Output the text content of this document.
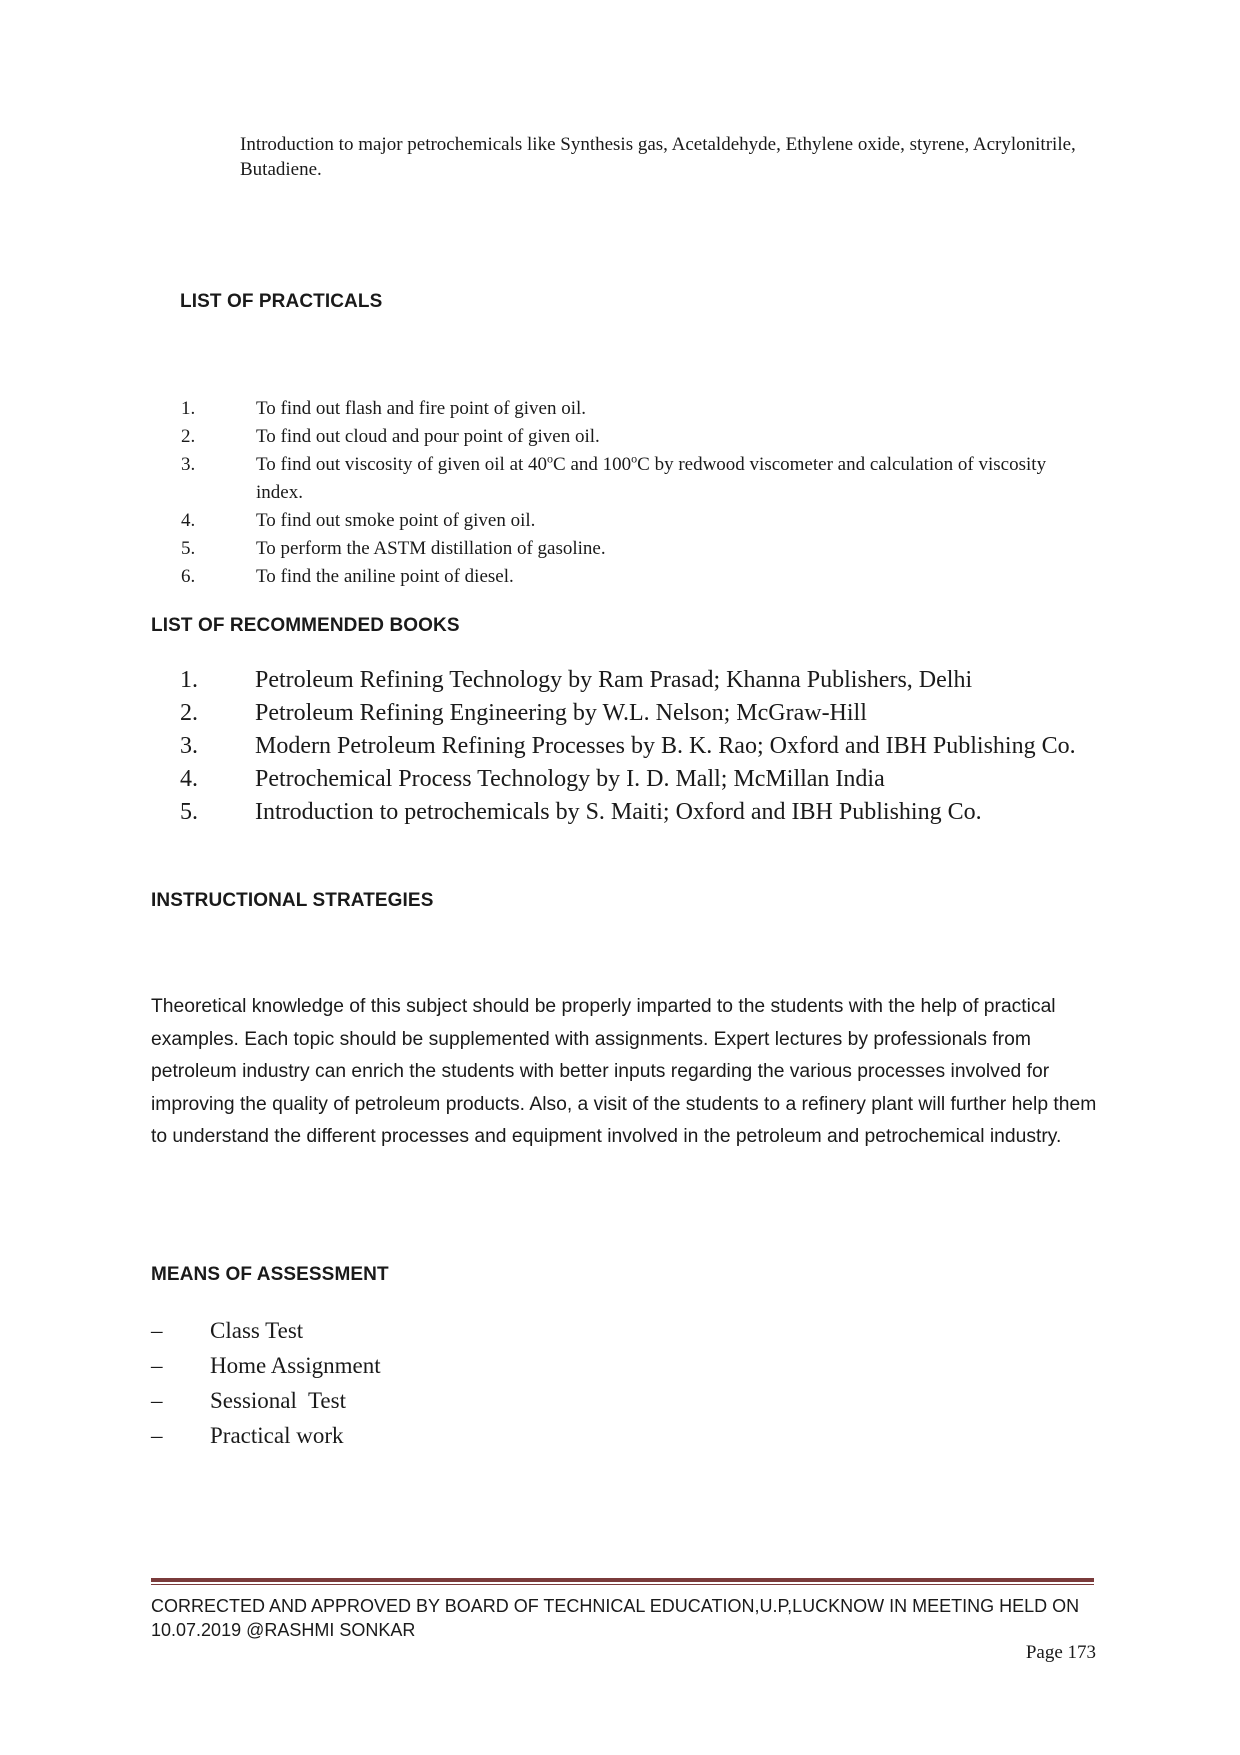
Introduction to major petrochemicals like Synthesis gas, Acetaldehyde, Ethylene oxide, styrene, Acrylonitrile, Butadiene.
LIST OF PRACTICALS
1.	To find out flash and fire point of given oil.
2.	To find out cloud and pour point of given oil.
3.	To find out viscosity of given oil at 40$^o$C and 100$^o$C by redwood viscometer and calculation of viscosity index.
4.	To find out smoke point of given oil.
5.	To perform the ASTM distillation of gasoline.
6.	To find the aniline point of diesel.
LIST OF RECOMMENDED BOOKS
1. Petroleum Refining Technology by Ram Prasad; Khanna Publishers, Delhi
2. Petroleum Refining Engineering by W.L. Nelson; McGraw-Hill
3. Modern Petroleum Refining Processes by B. K. Rao; Oxford and IBH Publishing Co.
4. Petrochemical Process Technology by I. D. Mall; McMillan India
5. Introduction to petrochemicals by S. Maiti; Oxford and IBH Publishing Co.
INSTRUCTIONAL STRATEGIES
Theoretical knowledge of this subject should be properly imparted to the students with the help of practical examples. Each topic should be supplemented with assignments. Expert lectures by professionals from petroleum industry can enrich the students with better inputs regarding the various processes involved for improving the quality of petroleum products. Also, a visit of the students to a refinery plant will further help them to understand the different processes and equipment involved in the petroleum and petrochemical industry.
MEANS OF ASSESSMENT
– Class Test
– Home Assignment
– Sessional  Test
– Practical work
CORRECTED AND APPROVED BY BOARD OF TECHNICAL EDUCATION,U.P,LUCKNOW IN MEETING HELD ON 10.07.2019 @RASHMI SONKAR
Page 173
